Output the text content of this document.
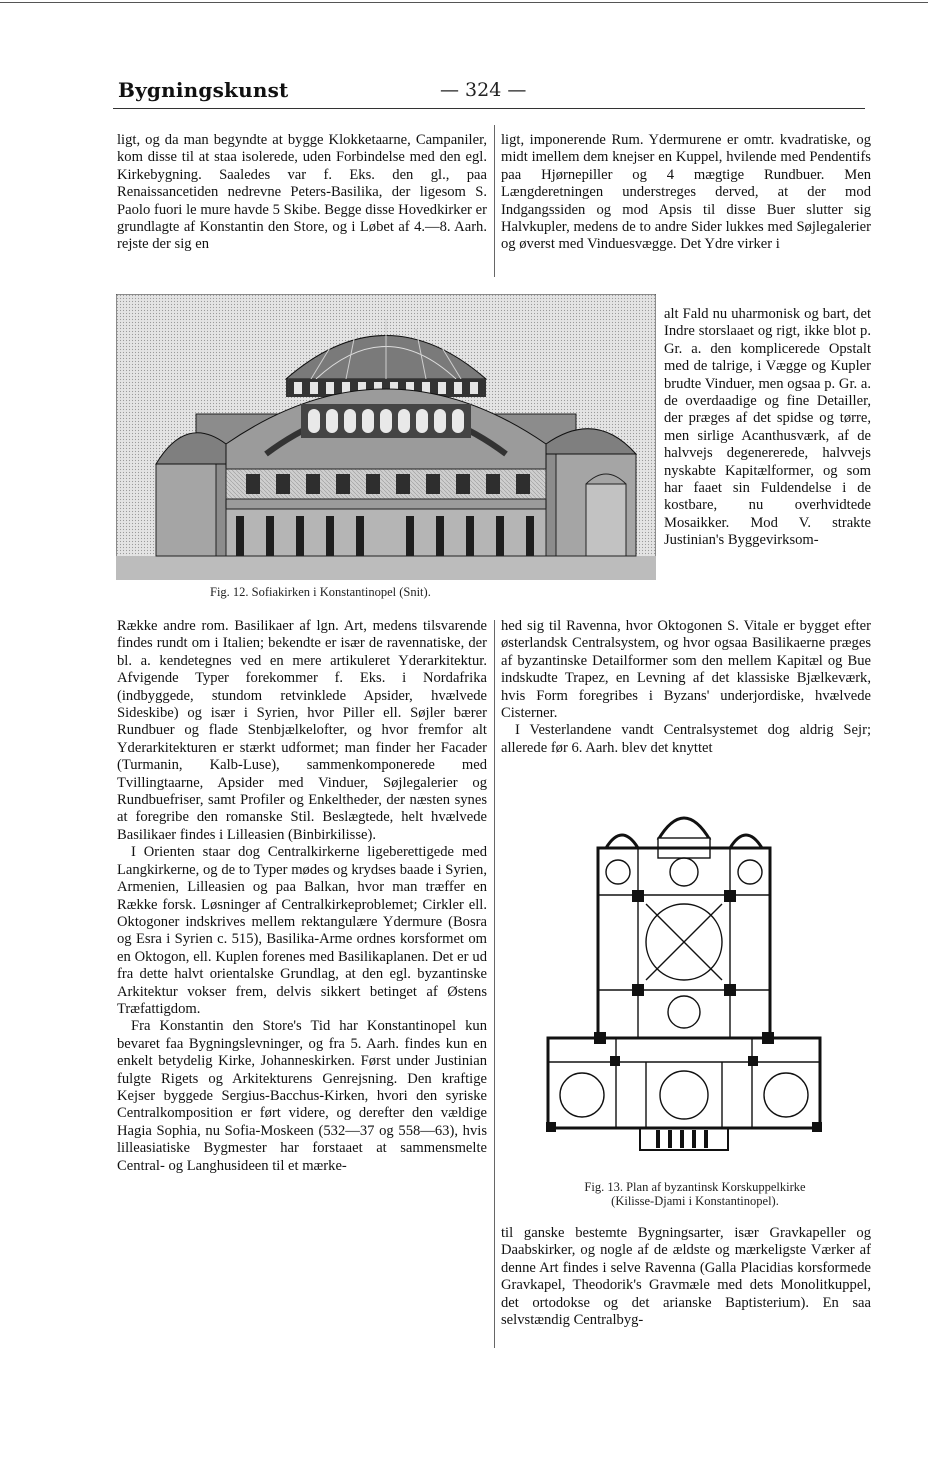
Bygningskunst	— 324 —

ligt, og da man begyndte at bygge Klokketaarne, Campaniler, kom disse til at staa isolerede, uden Forbindelse med den egl. Kirkebygning. Saaledes var f. Eks. den gl., paa Renaissancetiden nedrevne Peters-Basilika, der ligesom S. Paolo fuori le mure havde 5 Skibe. Begge disse Hovedkirker er grundlagte af Konstantin den Store, og i Løbet af 4.—8. Aarh. rejste der sig en

ligt, imponerende Rum. Ydermurene er omtr. kvadratiske, og midt imellem dem knejser en Kuppel, hvilende med Pendentifs paa Hjørnepiller og 4 mægtige Rundbuer. Men Længderetningen understreges derved, at der mod Indgangssiden og mod Apsis til disse Buer slutter sig Halvkupler, medens de to andre Sider lukkes med Søjlegalerier og øverst med Vinduesvægge. Det Ydre virker i

alt Fald nu uharmonisk og bart, det Indre storslaaet og rigt, ikke blot p. Gr. a. den komplicerede Opstalt med de talrige, i Vægge og Kupler brudte Vinduer, men ogsaa p. Gr. a. de overdaadige og fine Detailler, der præges af det spidse og tørre, men sirlige Acanthusværk, af de halvvejs degenererede, halvvejs nyskabte Kapitælformer, og som har faaet sin Fuldendelse i de kostbare, nu overhvidtede Mosaikker. Mod V. strakte Justinian's Byggevirksom-

Fig. 12. Sofiakirken i Konstantinopel (Snit).

Række andre rom. Basilikaer af lgn. Art, medens tilsvarende findes rundt om i Italien; bekendte er især de ravennatiske, der bl. a. kendetegnes ved en mere artikuleret Yderarkitektur. Afvigende Typer forekommer f. Eks. i Nordafrika (indbyggede, stundom retvinklede Apsider, hvælvede Sideskibe) og især i Syrien, hvor Piller ell. Søjler bærer Rundbuer og flade Stenbjælkelofter, og hvor fremfor alt Yderarkitekturen er stærkt udformet; man finder her Facader (Turmanin, Kalb-Luse), sammenkomponerede med Tvillingtaarne, Apsider med Vinduer, Søjlegalerier og Rundbuefriser, samt Profiler og Enkeltheder, der næsten synes at foregribe den romanske Stil. Beslægtede, helt hvælvede Basilikaer findes i Lilleasien (Binbirkilisse).

I Orienten staar dog Centralkirkerne ligeberettigede med Langkirkerne, og de to Typer mødes og krydses baade i Syrien, Armenien, Lilleasien og paa Balkan, hvor man træffer en Række forsk. Løsninger af Centralkirkeproblemet; Cirkler ell. Oktogoner indskrives mellem rektangulære Ydermure (Bosra og Esra i Syrien c. 515), Basilika-Arme ordnes korsformet om en Oktogon, ell. Kuplen forenes med Basilikaplanen. Det er ud fra dette halvt orientalske Grundlag, at den egl. byzantinske Arkitektur vokser frem, delvis sikkert betinget af Østens Træfattigdom.

Fra Konstantin den Store's Tid har Konstantinopel kun bevaret faa Bygningslevninger, og fra 5. Aarh. findes kun en enkelt betydelig Kirke, Johanneskirken. Først under Justinian fulgte Rigets og Arkitekturens Genrejsning. Den kraftige Kejser byggede Sergius-Bacchus-Kirken, hvori den syriske Centralkomposition er ført videre, og derefter den vældige Hagia Sophia, nu Sofia-Moskeen (532—37 og 558—63), hvis lilleasiatiske Bygmester har forstaaet at sammensmelte Central- og Langhusideen til et mærke-

hed sig til Ravenna, hvor Oktogonen S. Vitale er bygget efter østerlandsk Centralsystem, og hvor ogsaa Basilikaerne præges af byzantinske Detailformer som den mellem Kapitæl og Bue indskudte Trapez, en Levning af det klassiske Bjælkeværk, hvis Form foregribes i Byzans' underjordiske, hvælvede Cisterner.

I Vesterlandene vandt Centralsystemet dog aldrig Sejr; allerede før 6. Aarh. blev det knyttet

Fig. 13. Plan af byzantinsk Korskuppelkirke
(Kilisse-Djami i Konstantinopel).

til ganske bestemte Bygningsarter, især Gravkapeller og Daabskirker, og nogle af de ældste og mærkeligste Værker af denne Art findes i selve Ravenna (Galla Placidias korsformede Gravkapel, Theodorik's Gravmæle med dets Monolitkuppel, det ortodokse og det arianske Baptisterium). En saa selvstændig Centralbyg-
